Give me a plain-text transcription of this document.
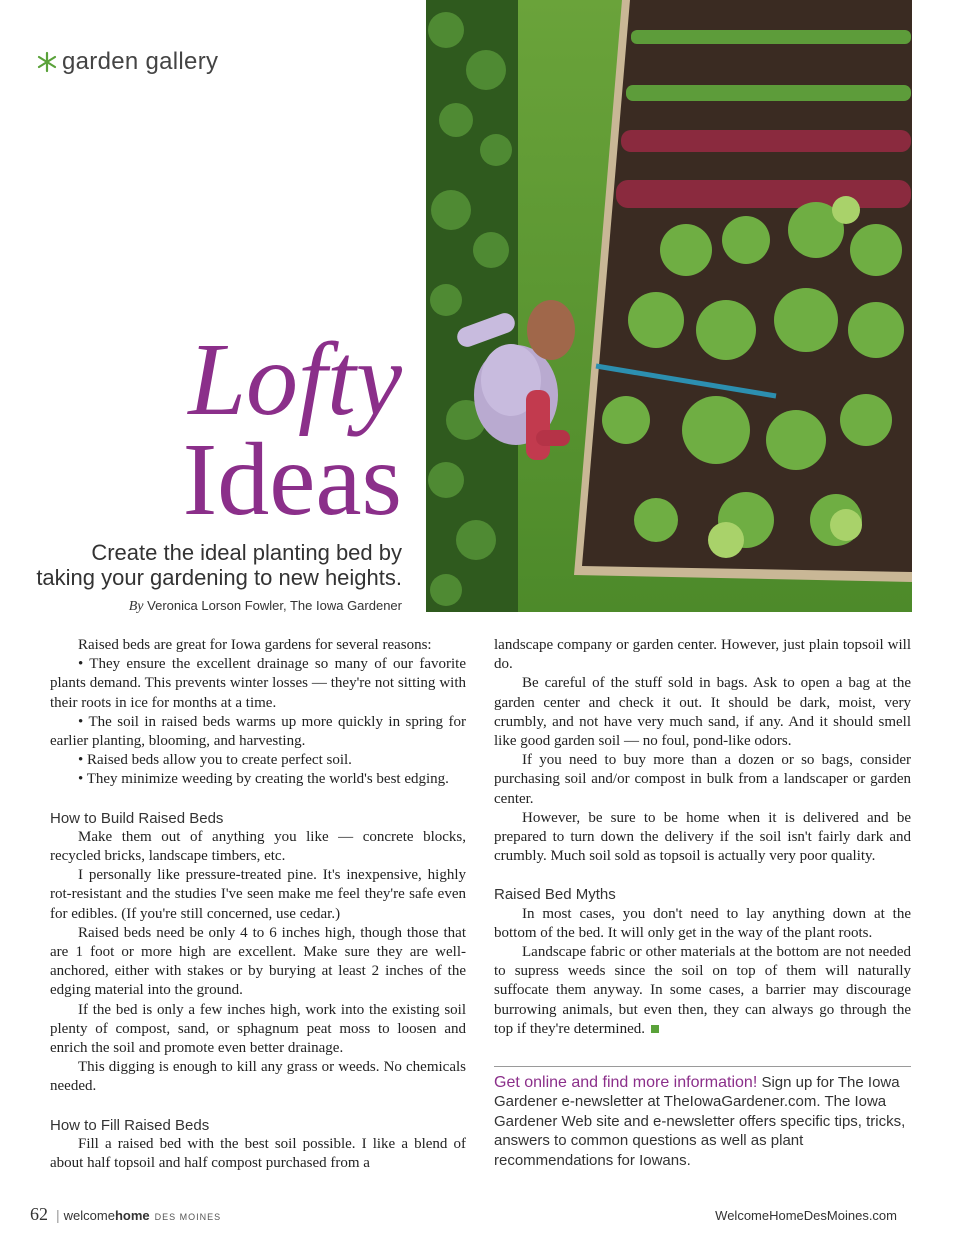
garden gallery
Lofty
Ideas
Create the ideal planting bed by
taking your gardening to new heights.
By Veronica Lorson Fowler, The Iowa Gardener

Raised beds are great for Iowa gardens for several reasons:

• They ensure the excellent drainage so many of our favorite plants demand. This prevents winter losses — they're not sitting with their roots in ice for months at a time.

• The soil in raised beds warms up more quickly in spring for earlier planting, blooming, and harvesting.

• Raised beds allow you to create perfect soil.

• They minimize weeding by creating the world's best edging.

How to Build Raised Beds

Make them out of anything you like — concrete blocks, recycled bricks, landscape timbers, etc.

I personally like pressure-treated pine. It's inexpensive, highly rot-resistant and the studies I've seen make me feel they're safe even for edibles. (If you're still concerned, use cedar.)

Raised beds need be only 4 to 6 inches high, though those that are 1 foot or more high are excellent. Make sure they are well-anchored, either with stakes or by burying at least 2 inches of the edging material into the ground.

If the bed is only a few inches high, work into the existing soil plenty of compost, sand, or sphagnum peat moss to loosen and enrich the soil and promote even better drainage.

This digging is enough to kill any grass or weeds. No chemicals needed.

How to Fill Raised Beds

Fill a raised bed with the best soil possible. I like a blend of about half topsoil and half compost purchased from a

landscape company or garden center. However, just plain topsoil will do.

Be careful of the stuff sold in bags. Ask to open a bag at the garden center and check it out. It should be dark, moist, very crumbly, and not have very much sand, if any. And it should smell like good garden soil — no foul, pond-like odors.

If you need to buy more than a dozen or so bags, consider purchasing soil and/or compost in bulk from a landscaper or garden center.

However, be sure to be home when it is delivered and be prepared to turn down the delivery if the soil isn't fairly dark and crumbly. Much soil sold as topsoil is actually very poor quality.

Raised Bed Myths

In most cases, you don't need to lay anything down at the bottom of the bed. It will only get in the way of the plant roots.

Landscape fabric or other materials at the bottom are not needed to supress weeds since the soil on top of them will naturally suffocate them anyway. In some cases, a barrier may discourage burrowing animals, but even then, they can always go through the top if they're determined.

Get online and find more information! Sign up for The Iowa Gardener e-newsletter at TheIowaGardener.com. The Iowa Gardener Web site and e-newsletter offers specific tips, tricks, answers to common questions as well as plant recommendations for Iowans.
62 | welcomehome DES MOINES	WelcomeHomeDesMoines.com
